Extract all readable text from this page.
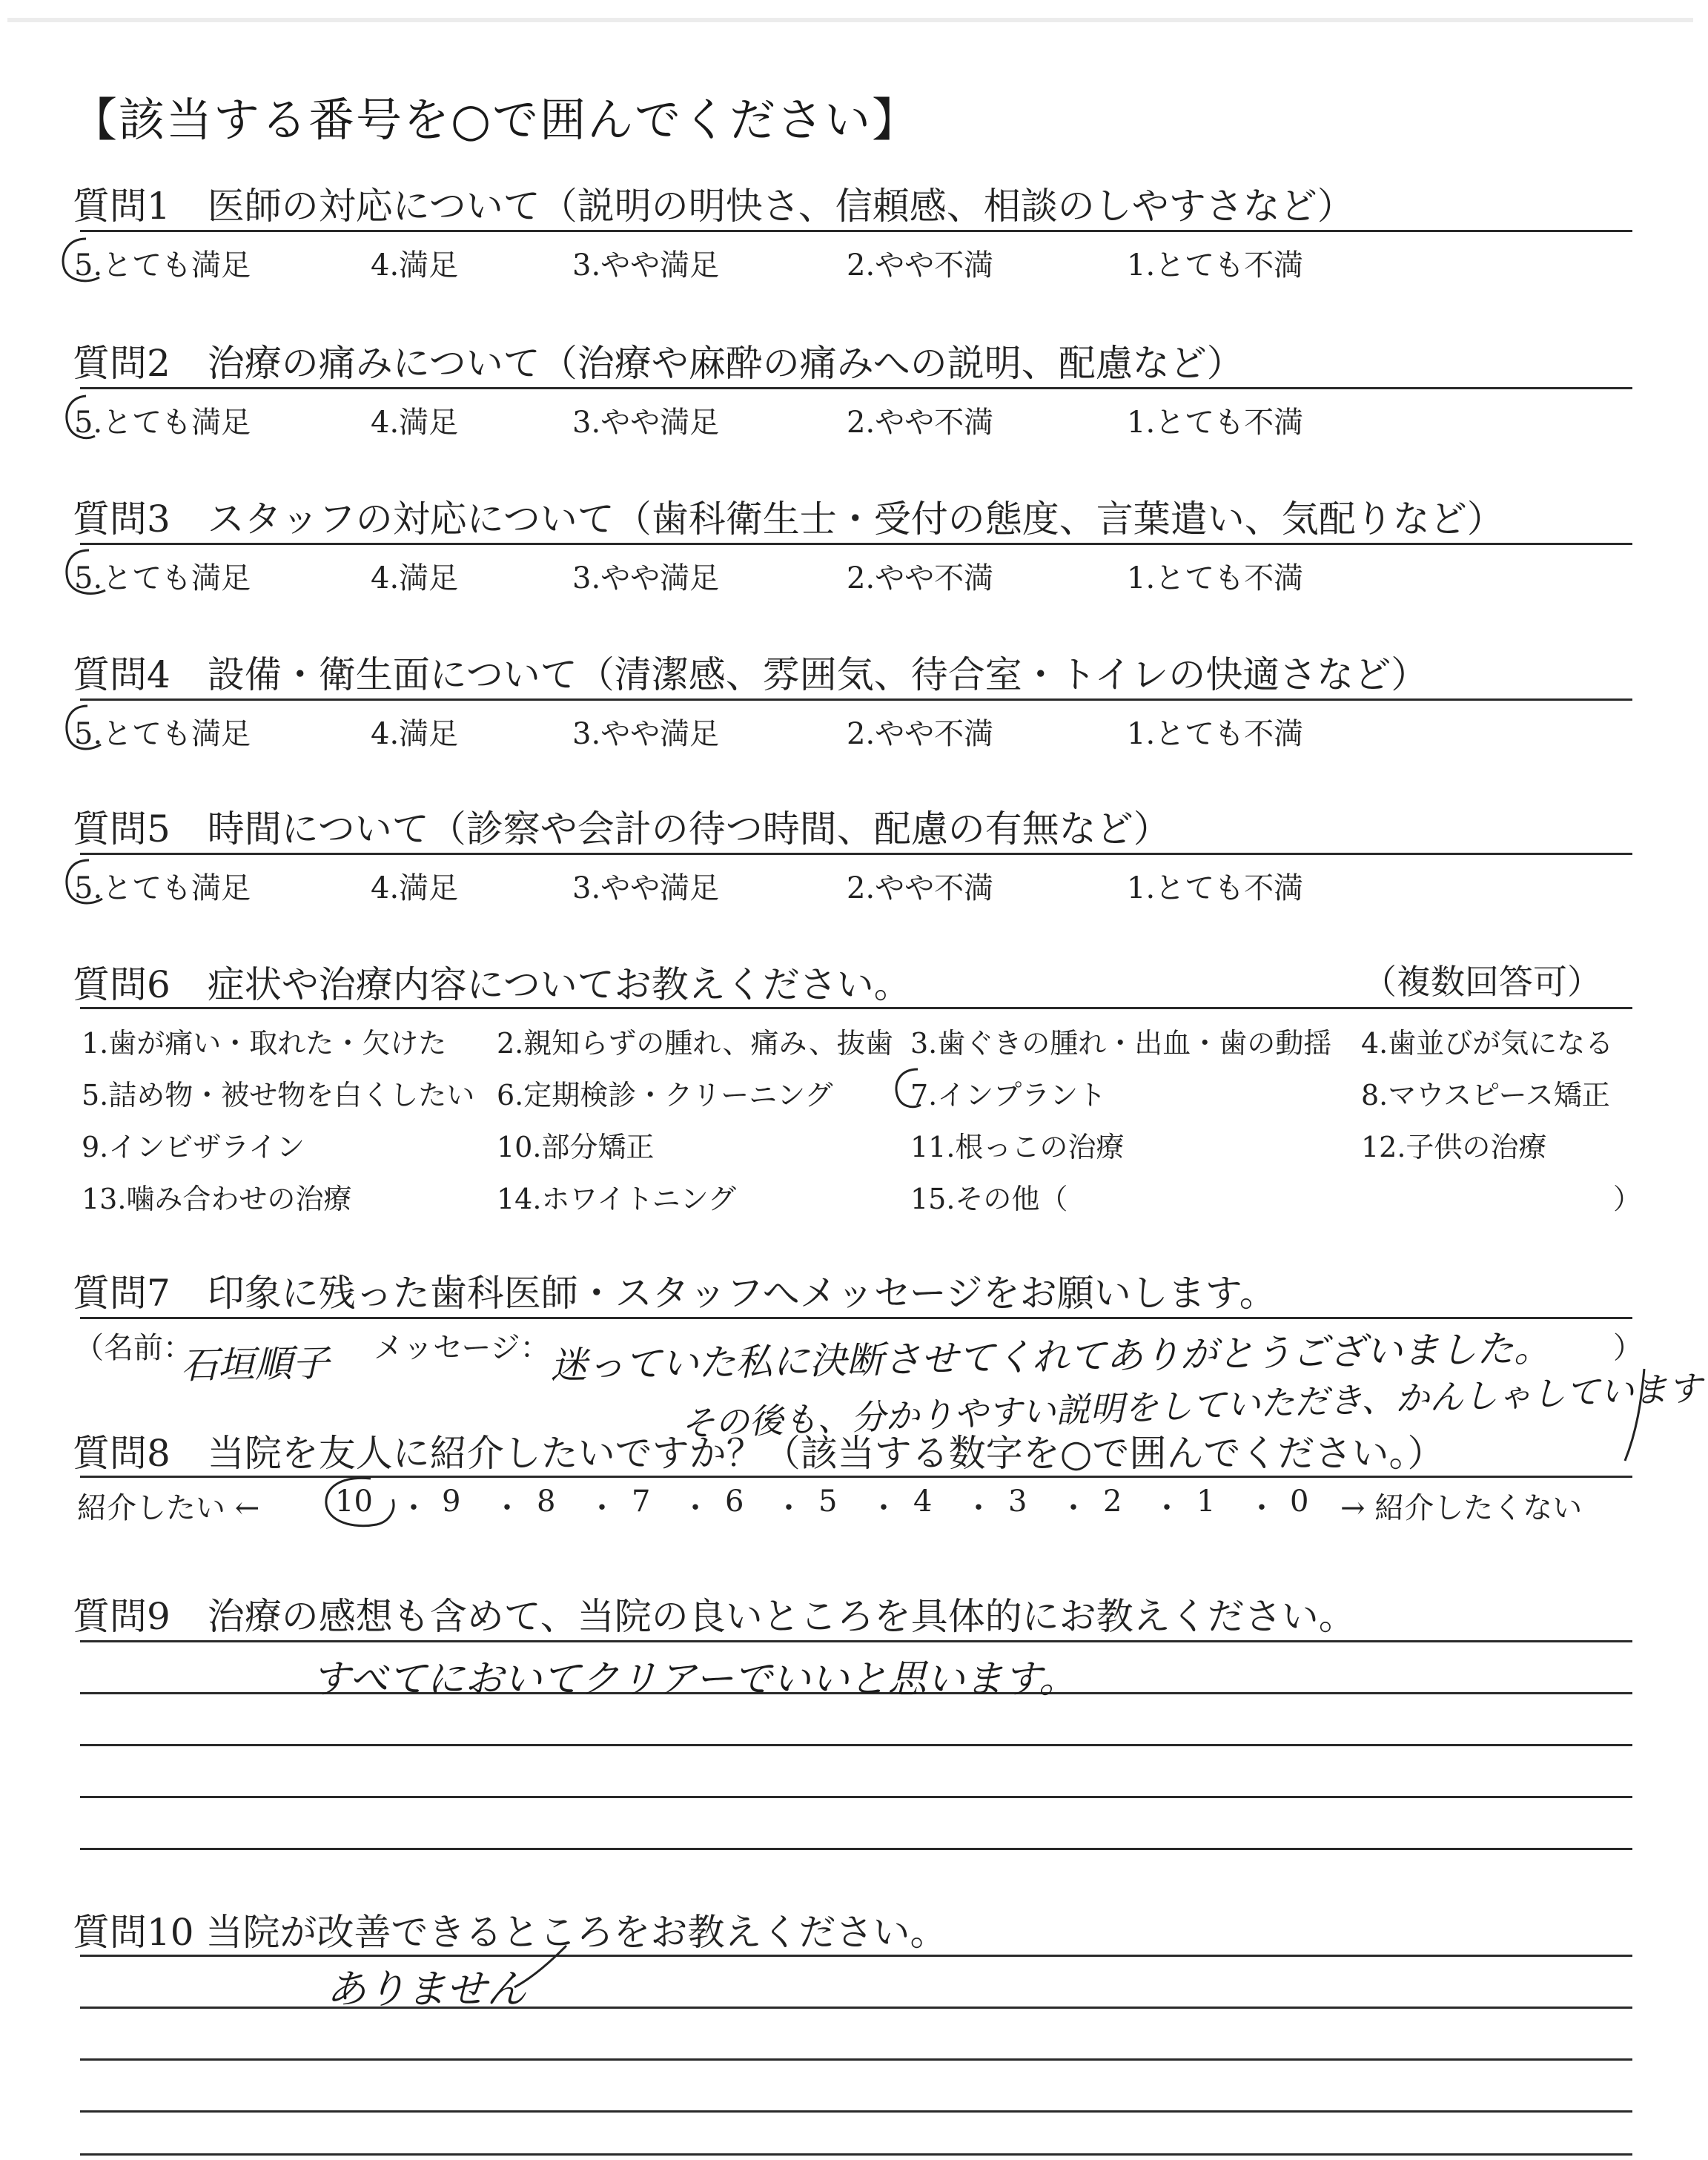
【該当する番号を○で囲んでください】
質問1　医師の対応について（説明の明快さ、信頼感、相談のしやすさなど）
5.とても満足	4.満足	3.やや満足	2.やや不満	1.とても不満
質問2　治療の痛みについて（治療や麻酔の痛みへの説明、配慮など）
5.とても満足	4.満足	3.やや満足	2.やや不満	1.とても不満
質問3　スタッフの対応について（歯科衛生士・受付の態度、言葉遣い、気配りなど）
5.とても満足	4.満足	3.やや満足	2.やや不満	1.とても不満
質問4　設備・衛生面について（清潔感、雰囲気、待合室・トイレの快適さなど）
5.とても満足	4.満足	3.やや満足	2.やや不満	1.とても不満
質問5　時間について（診察や会計の待つ時間、配慮の有無など）
5.とても満足	4.満足	3.やや満足	2.やや不満	1.とても不満
質問6　症状や治療内容についてお教えください。	（複数回答可）
1.歯が痛い・取れた・欠けた 2.親知らずの腫れ、痛み、抜歯 3.歯ぐきの腫れ・出血・歯の動揺 4.歯並びが気になる
5.詰め物・被せ物を白くしたい 6.定期検診・クリーニング	7.インプラント	8.マウスピース矯正
9.インビザライン	10.部分矯正	11.根っこの治療	12.子供の治療
13.噛み合わせの治療	14.ホワイトニング	15.その他（	）
質問7　印象に残った歯科医師・スタッフへメッセージをお願いします。
（名前：
石垣順子 メッセージ： 迷っていた私に決断させてくれてありがとうございました。 ）
その後も、分かりやすい説明をしていただき、かんしゃしています
質問8　当院を友人に紹介したいですか？（該当する数字を○で囲んでください。）
紹介したい ←	10 ・ 9 ・ 8 ・ 7 ・ 6 ・ 5 ・ 4 ・ 3 ・ 2 ・ 1 ・ 0 → 紹介したくない
質問9　治療の感想も含めて、当院の良いところを具体的にお教えください。
すべてにおいてクリアーでいいと思います。
質問10 当院が改善できるところをお教えください。
ありません
